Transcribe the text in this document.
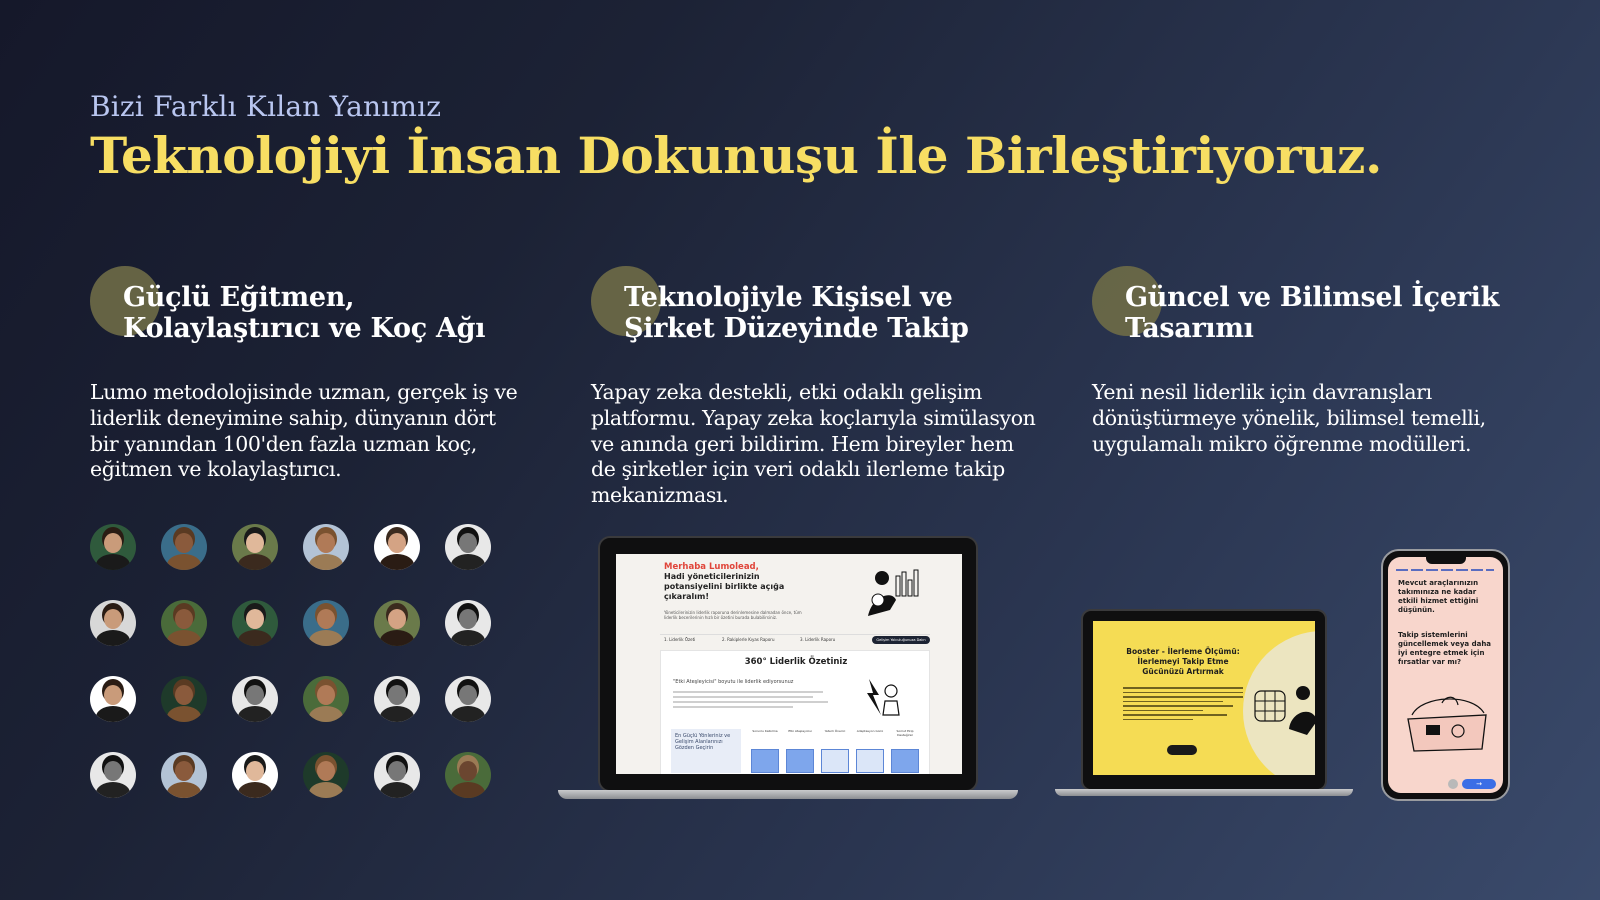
Bizi Farklı Kılan Yanımız
Teknolojiyi İnsan Dokunuşu İle Birleştiriyoruz.
Güçlü Eğitmen, Kolaylaştırıcı ve Koç Ağı
Lumo metodolojisinde uzman, gerçek iş ve liderlik deneyimine sahip, dünyanın dört bir yanından 100'den fazla uzman koç, eğitmen ve kolaylaştırıcı.
Teknolojiyle Kişisel ve Şirket Düzeyinde Takip
Yapay zeka destekli, etki odaklı gelişim platformu. Yapay zeka koçlarıyla simülasyon ve anında geri bildirim. Hem bireyler hem de şirketler için veri odaklı ilerleme takip mekanizması.
Güncel ve Bilimsel İçerik Tasarımı
Yeni nesil liderlik için davranışları dönüştürmeye yönelik, bilimsel temelli, uygulamalı mikro öğrenme modülleri.
Merhaba Lumolead,
Hadi yöneticilerinizin potansiyelini birlikte açığa çıkaralım!
Yöneticilerinizin liderlik raporuna derinlemesine dalmadan önce, tüm liderlik becerilerinin hızlı bir özetini burada bulabilirsiniz.
1. Liderlik Özeti	2. Rakiplerle Kıyas Raporu	3. Liderlik Raporu	Gelişim Yolculuğunuza Dalın
360° Liderlik Özetiniz
"Etki Ateşleyicisi" boyutu ile liderlik ediyorsunuz
En Güçlü Yönleriniz ve Gelişim Alanlarınızı Gözden Geçirin
Sorunlu Kalkılma	Etki Ateşleyicisi	Yeterli Önerici	Adaptasyon Gücü	Somut Ekip Desteğiniz
Booster - İlerleme Ölçümü: İlerlemeyi Takip Etme Gücünüzü Artırmak
Mevcut araçlarınızın takımınıza ne kadar etkili hizmet ettiğini düşünün.
Takip sistemlerini güncellemek veya daha iyi entegre etmek için fırsatlar var mı?
→
